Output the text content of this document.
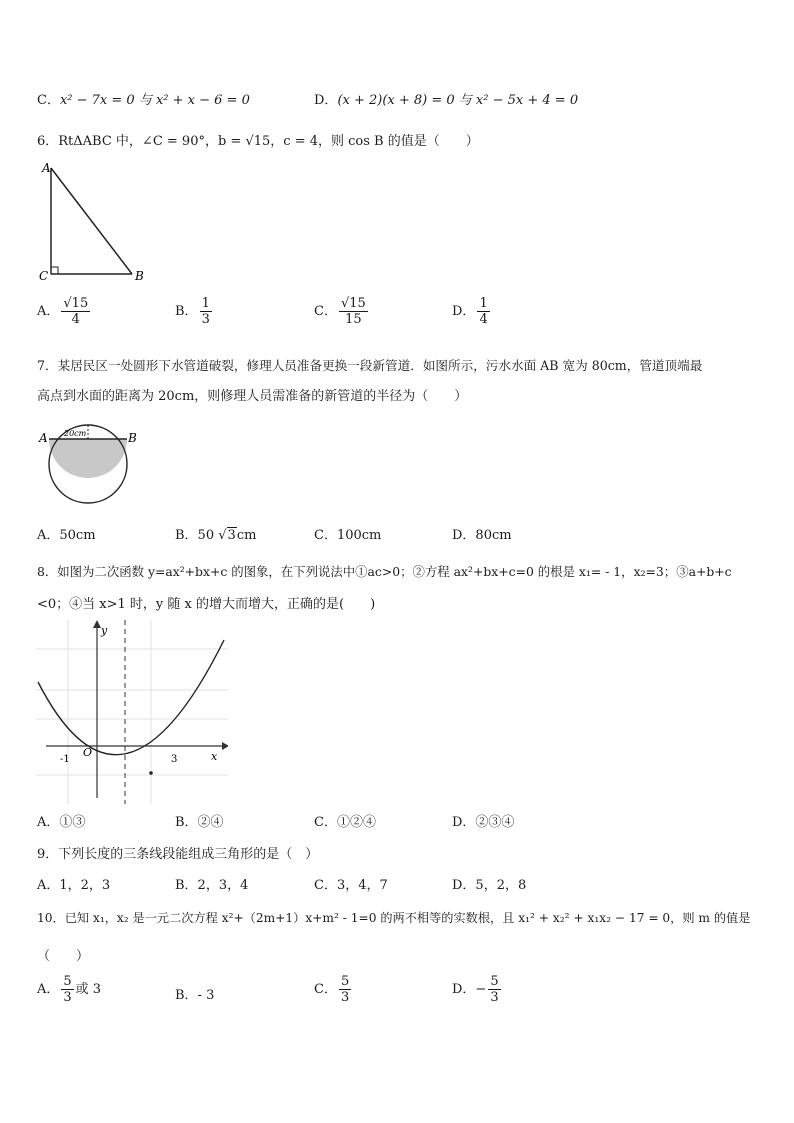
C．x² − 7x = 0 与 x² + x − 6 = 0	D．(x + 2)(x + 8) = 0 与 x² − 5x + 4 = 0
6．RtΔABC 中，∠C = 90°，b = √15，c = 4，则 cos B 的值是（　　）
A
C	B
A． $\frac{√15}{4}$	B． $\frac{1}{3}$	C． $\frac{√15}{15}$	D． $\frac{1}{4}$
7．某居民区一处圆形下水管道破裂，修理人员准备更换一段新管道．如图所示，污水水面 AB 宽为 80cm，管道顶端最
高点到水面的距离为 20cm，则修理人员需准备的新管道的半径为（　　）
20cm
A	B
A．50cm	B．50 √3cm	C．100cm	D．80cm
8．如图为二次函数 y=ax²+bx+c 的图象，在下列说法中①ac>0；②方程 ax²+bx+c=0 的根是 x₁= - 1，x₂=3；③a+b+c
<0；④当 x>1 时，y 随 x 的增大而增大，正确的是(　　)
y
x
O
-1	3
A．①③	B．②④	C．①②④	D．②③④
9．下列长度的三条线段能组成三角形的是（　）
A．1，2，3	B．2，3，4	C．3，4，7	D．5，2，8
10．已知 x₁，x₂ 是一元二次方程 x²+（2m+1）x+m² - 1=0 的两不相等的实数根，且 x₁² + x₂² + x₁x₂ − 17 = 0，则 m 的值是
（　　）
A． $\frac{5}{3}$ 或 3	B．- 3	C． $\frac{5}{3}$	D．− $\frac{5}{3}$
